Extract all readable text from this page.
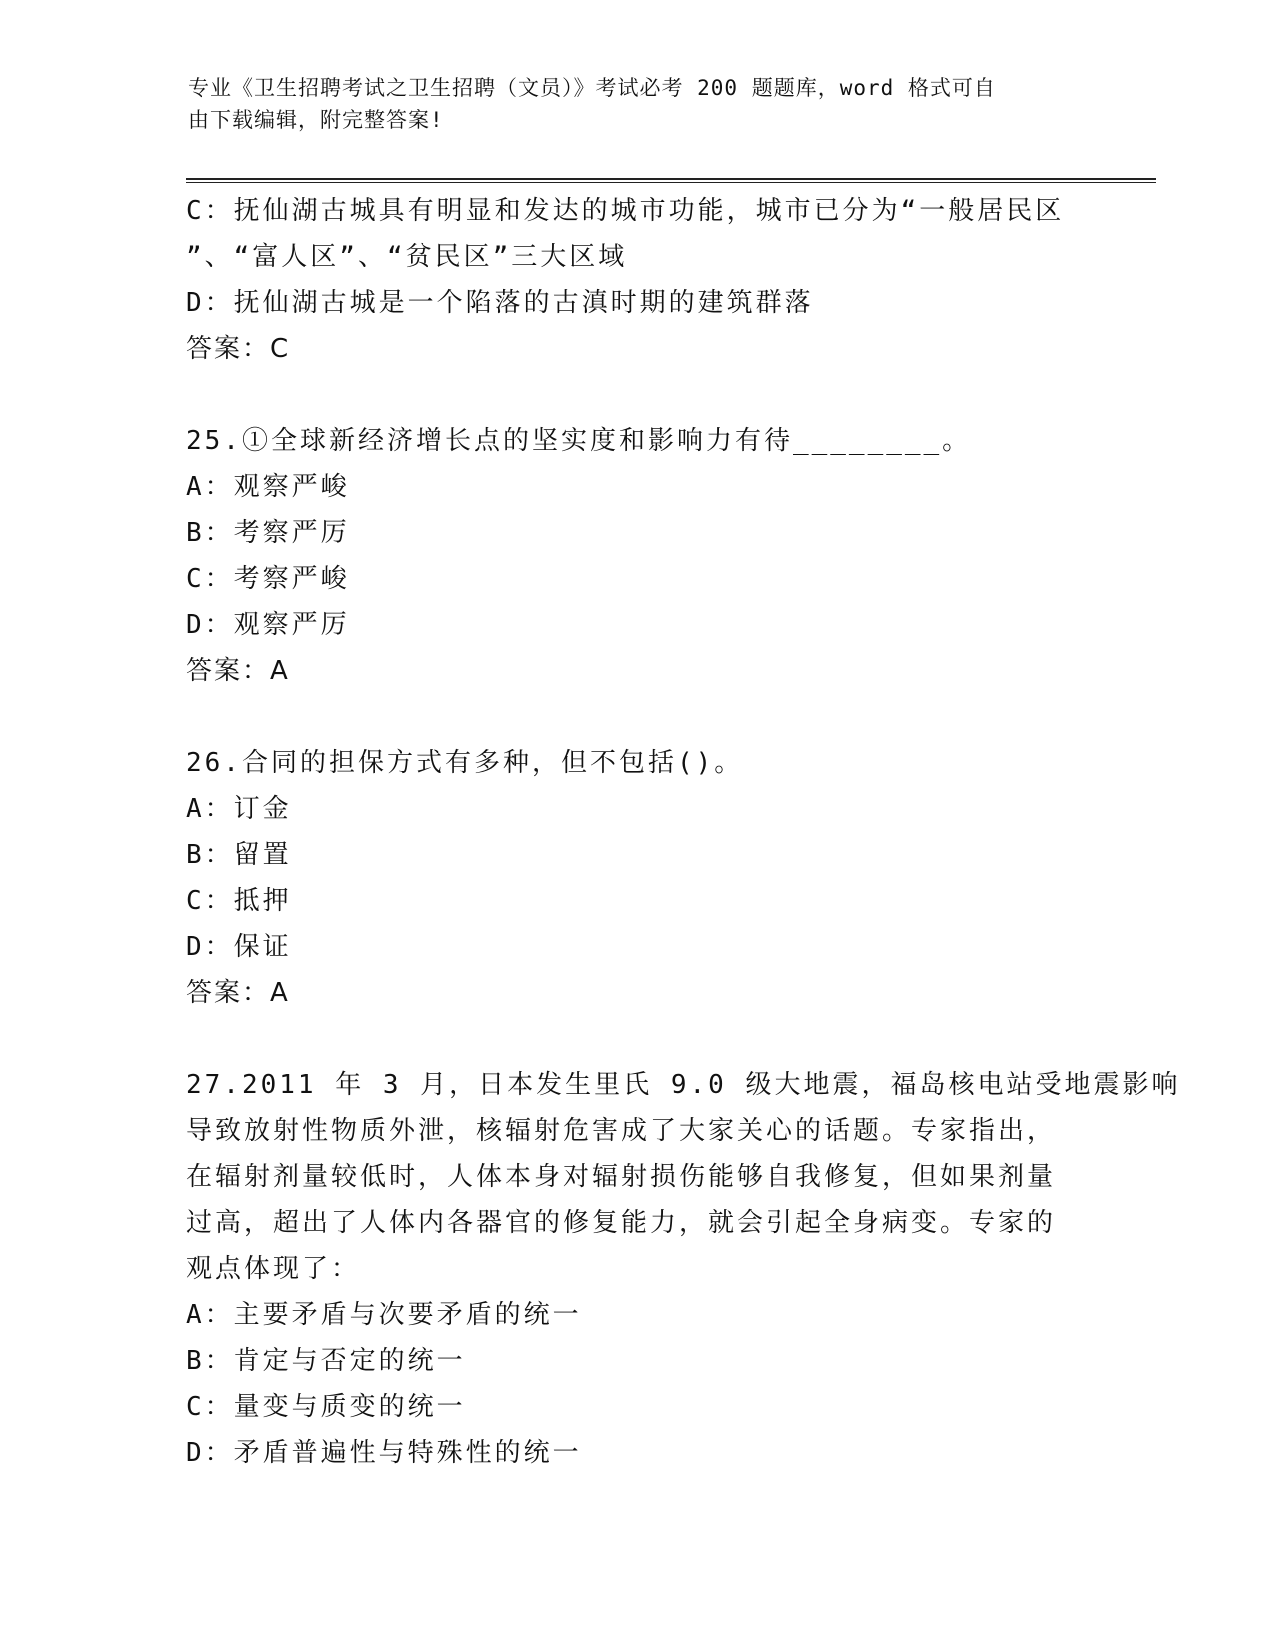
专业《卫生招聘考试之卫生招聘（文员）》考试必考 200 题题库，word 格式可自
由下载编辑，附完整答案!

C：抚仙湖古城具有明显和发达的城市功能，城市已分为“一般居民区

”、“富人区”、“贫民区”三大区域

D：抚仙湖古城是一个陷落的古滇时期的建筑群落

答案：C

25.①全球新经济增长点的坚实度和影响力有待________。

A：观察严峻

B：考察严厉

C：考察严峻

D：观察严厉

答案：A

26.合同的担保方式有多种，但不包括()。

A：订金

B：留置

C：抵押

D：保证

答案：A

27.2011 年 3 月，日本发生里氏 9.0 级大地震，福岛核电站受地震影响

导致放射性物质外泄，核辐射危害成了大家关心的话题。专家指出，

在辐射剂量较低时，人体本身对辐射损伤能够自我修复，但如果剂量

过高，超出了人体内各器官的修复能力，就会引起全身病变。专家的

观点体现了：

A：主要矛盾与次要矛盾的统一

B：肯定与否定的统一

C：量变与质变的统一

D：矛盾普遍性与特殊性的统一
